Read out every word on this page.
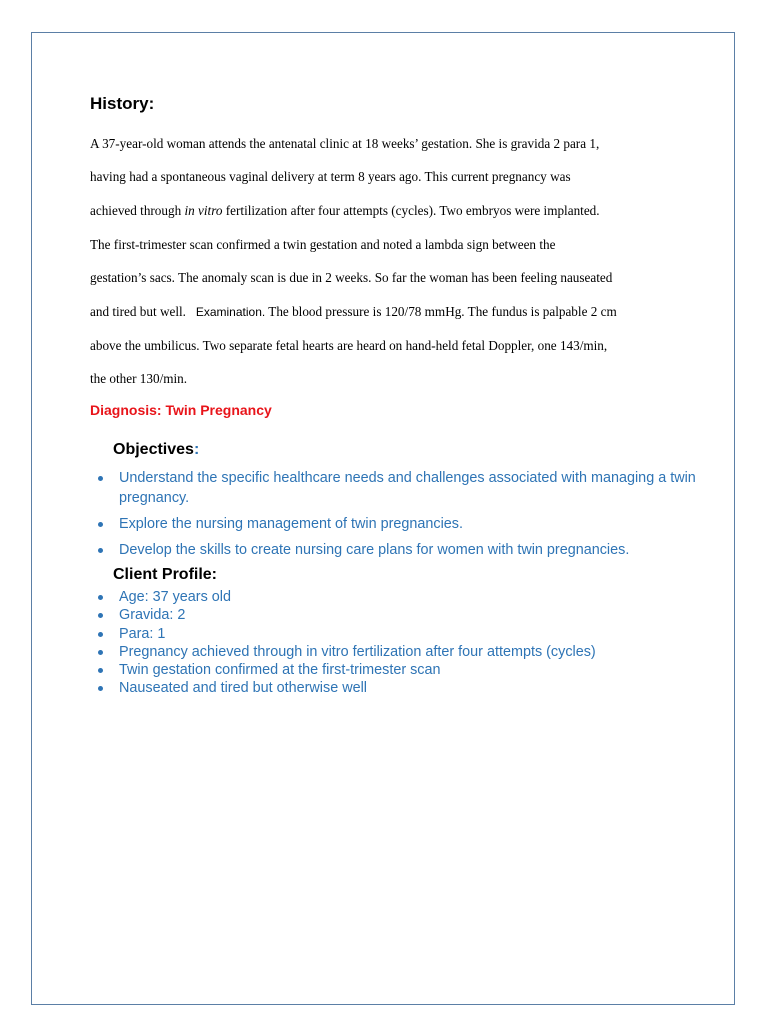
History:

A 37-year-old woman attends the antenatal clinic at 18 weeks’ gestation. She is gravida 2 para 1,

having had a spontaneous vaginal delivery at term 8 years ago. This current pregnancy was

achieved through in vitro fertilization after four attempts (cycles). Two embryos were implanted.

The first-trimester scan confirmed a twin gestation and noted a lambda sign between the

gestation’s sacs. The anomaly scan is due in 2 weeks. So far the woman has been feeling nauseated

and tired but well.   Examination. The blood pressure is 120/78 mmHg. The fundus is palpable 2 cm

above the umbilicus. Two separate fetal hearts are heard on hand-held fetal Doppler, one 143/min,

the other 130/min.

Diagnosis: Twin Pregnancy

Objectives:
Understand the specific healthcare needs and challenges associated with managing a twin pregnancy.
Explore the nursing management of twin pregnancies.
Develop the skills to create nursing care plans for women with twin pregnancies.
Client Profile:
Age: 37 years old
Gravida: 2
Para: 1
Pregnancy achieved through in vitro fertilization after four attempts (cycles)
Twin gestation confirmed at the first-trimester scan
Nauseated and tired but otherwise well
